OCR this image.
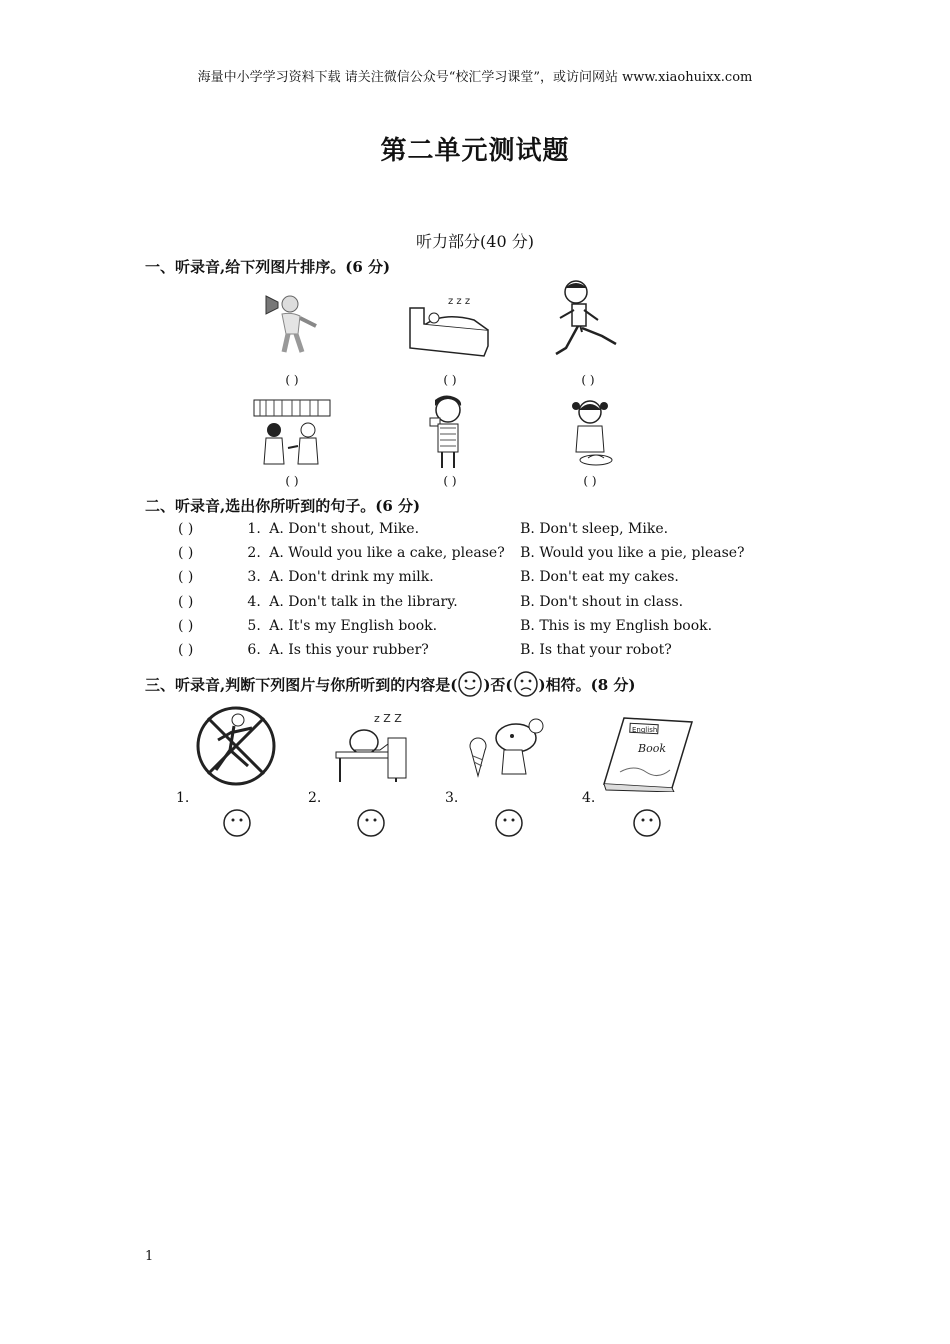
海量中小学学习资料下载 请关注微信公众号“校汇学习课堂”，或访问网站 www.xiaohuixx.com
第二单元测试题
听力部分(40 分)
一、听录音,给下列图片排序。(6 分)
( )
z z z
( )	( )
( )	( )	( )
二、听录音,选出你所听到的句子。(6 分)
( )	1. A. Don't shout, Mike.	B. Don't sleep, Mike.
( )	2. A. Would you like a cake, please?	B. Would you like a pie, please?
( )	3. A. Don't drink my milk.	B. Don't eat my cakes.
( )	4. A. Don't talk in the library.	B. Don't shout in class.
( )	5. A. It's my English book.	B. This is my English book.
( )	6. A. Is this your rubber?	B. Is that your robot?
三、听录音,判断下列图片与你所听到的内容是( )否( )相符。(8 分)
1.
z Z Z
2.	3.
English
Book
4.
1
